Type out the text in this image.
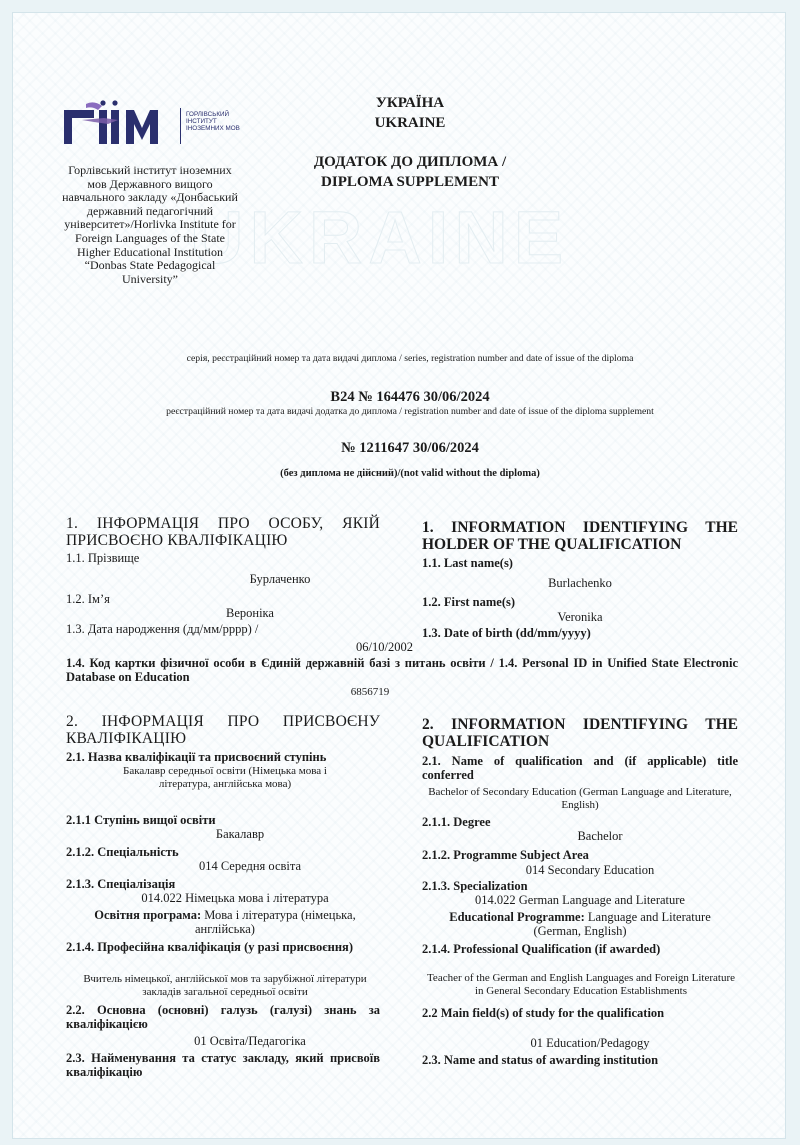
UKRAINE
ГОРЛІВСЬКИЙ ІНСТИТУТ ІНОЗЕМНИХ МОВ
Горлівський інститут іноземних мов Державного вищого навчального закладу «Донбаський державний педагогічний університет»/Horlivka Institute for Foreign Languages of the State Higher Educational Institution “Donbas State Pedagogical University”
УКРАЇНА
UKRAINE
ДОДАТОК ДО ДИПЛОМА /
DIPLOMA SUPPLEMENT
серія, реєстраційний номер та дата видачі диплома / series, registration number and date of issue of the diploma
В24 № 164476 30/06/2024
реєстраційний номер та дата видачі додатка до диплома / registration number and date of issue of the diploma supplement
№ 1211647 30/06/2024
(без диплома не дійсний)/(not valid without the diploma)
1. ІНФОРМАЦІЯ ПРО ОСОБУ, ЯКІЙ ПРИСВОЄНО КВАЛІФІКАЦІЮ
1. INFORMATION IDENTIFYING THE HOLDER OF THE QUALIFICATION
1.1. Прізвище
Бурлаченко
1.1. Last name(s)
Burlachenko
1.2. Ім’я
Вероніка
1.2. First name(s)
Veronika
1.3. Дата народження (дд/мм/рррр) /	1.3. Date of birth (dd/mm/yyyy)
06/10/2002
1.4. Код картки фізичної особи в Єдиній державній базі з питань освіти / 1.4. Personal ID in Unified State Electronic Database on Education
6856719
2. ІНФОРМАЦІЯ ПРО ПРИСВОЄНУ КВАЛІФІКАЦІЮ
2. INFORMATION IDENTIFYING THE QUALIFICATION
2.1. Назва кваліфікації та присвоєний ступінь
Бакалавр середньої освіти (Німецька мова і література, англійська мова)
2.1. Name of qualification and (if applicable) title conferred
Bachelor of Secondary Education (German Language and Literature, English)
2.1.1 Ступінь вищої освіти
Бакалавр
2.1.1. Degree
Bachelor
2.1.2. Спеціальність
014 Середня освіта
2.1.2. Programme Subject Area
014 Secondary Education
2.1.3. Спеціалізація
014.022 Німецька мова і література
2.1.3. Specialization
014.022 German Language and Literature
Освітня програма: Мова і література (німецька, англійська)
Educational Programme: Language and Literature (German, English)
2.1.4. Професійна кваліфікація (у разі присвоєння)
Вчитель німецької, англійської мов та зарубіжної літератури закладів загальної середньої освіти
2.1.4. Professional Qualification (if awarded)
Teacher of the German and English Languages and Foreign Literature in General Secondary Education Establishments
2.2. Основна (основні) галузь (галузі) знань за кваліфікацією
01 Освіта/Педагогіка
2.2 Main field(s) of study for the qualification
01 Education/Pedagogy
2.3. Найменування та статус закладу, який присвоїв кваліфікацію
2.3. Name and status of awarding institution
